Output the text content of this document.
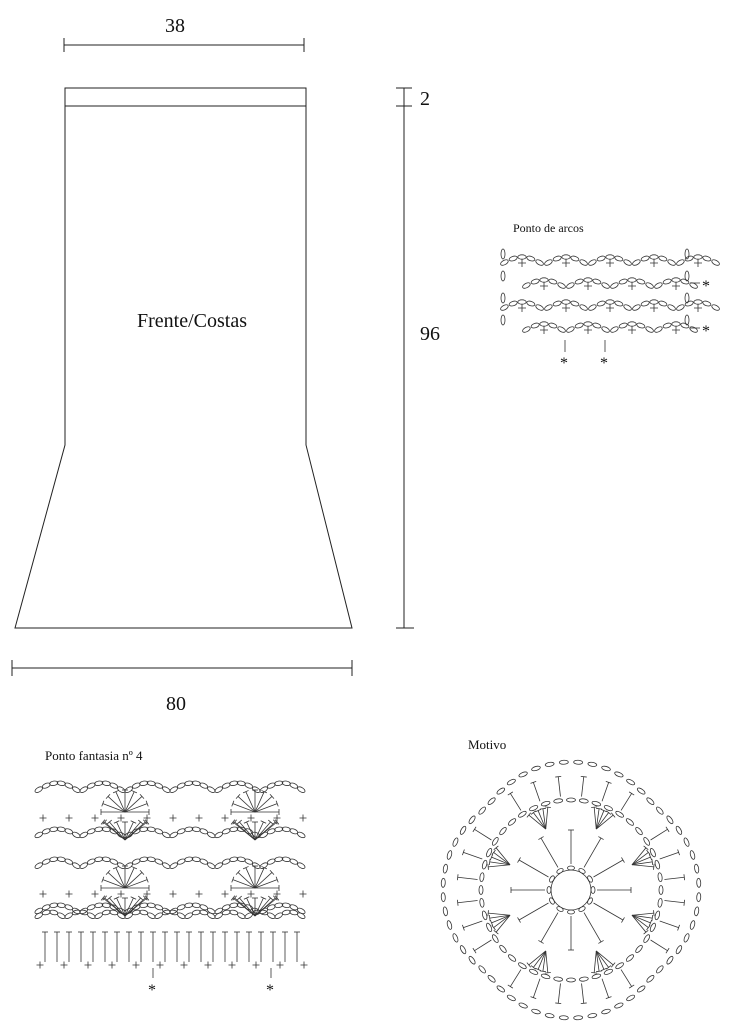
38
Frente/Costas
2
96
80
Ponto de arcos
*
*
* *
Ponto fantasia nº 4
*	*
Motivo
